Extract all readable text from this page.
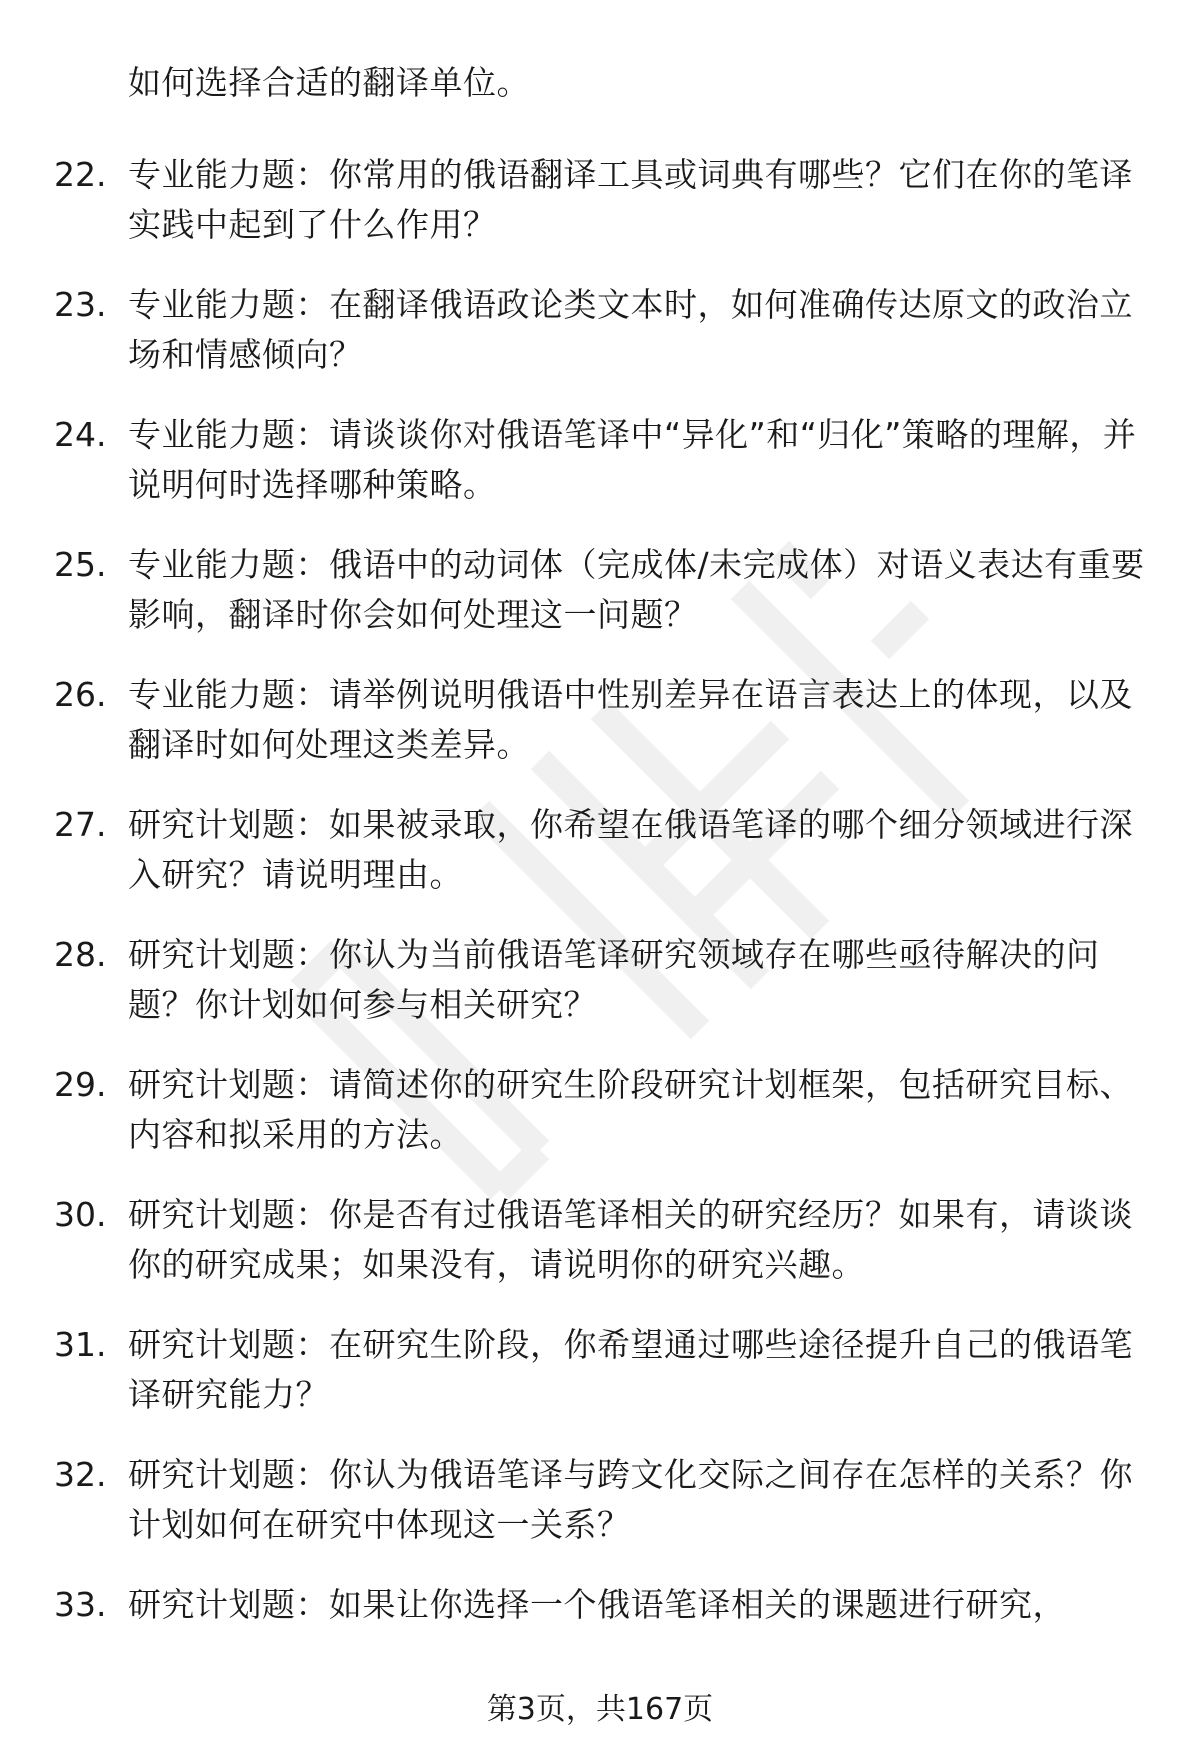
如何选择合适的翻译单位。
22. 专业能力题：你常用的俄语翻译工具或词典有哪些？它们在你的笔译实践中起到了什么作用？
23. 专业能力题：在翻译俄语政论类文本时，如何准确传达原文的政治立场和情感倾向？
24. 专业能力题：请谈谈你对俄语笔译中“异化”和“归化”策略的理解，并说明何时选择哪种策略。
25. 专业能力题：俄语中的动词体（完成体/未完成体）对语义表达有重要影响，翻译时你会如何处理这一问题？
26. 专业能力题：请举例说明俄语中性别差异在语言表达上的体现，以及翻译时如何处理这类差异。
27. 研究计划题：如果被录取，你希望在俄语笔译的哪个细分领域进行深入研究？请说明理由。
28. 研究计划题：你认为当前俄语笔译研究领域存在哪些亟待解决的问题？你计划如何参与相关研究？
29. 研究计划题：请简述你的研究生阶段研究计划框架，包括研究目标、内容和拟采用的方法。
30. 研究计划题：你是否有过俄语笔译相关的研究经历？如果有，请谈谈你的研究成果；如果没有，请说明你的研究兴趣。
31. 研究计划题：在研究生阶段，你希望通过哪些途径提升自己的俄语笔译研究能力？
32. 研究计划题：你认为俄语笔译与跨文化交际之间存在怎样的关系？你计划如何在研究中体现这一关系？
33. 研究计划题：如果让你选择一个俄语笔译相关的课题进行研究，
第3页，共167页
